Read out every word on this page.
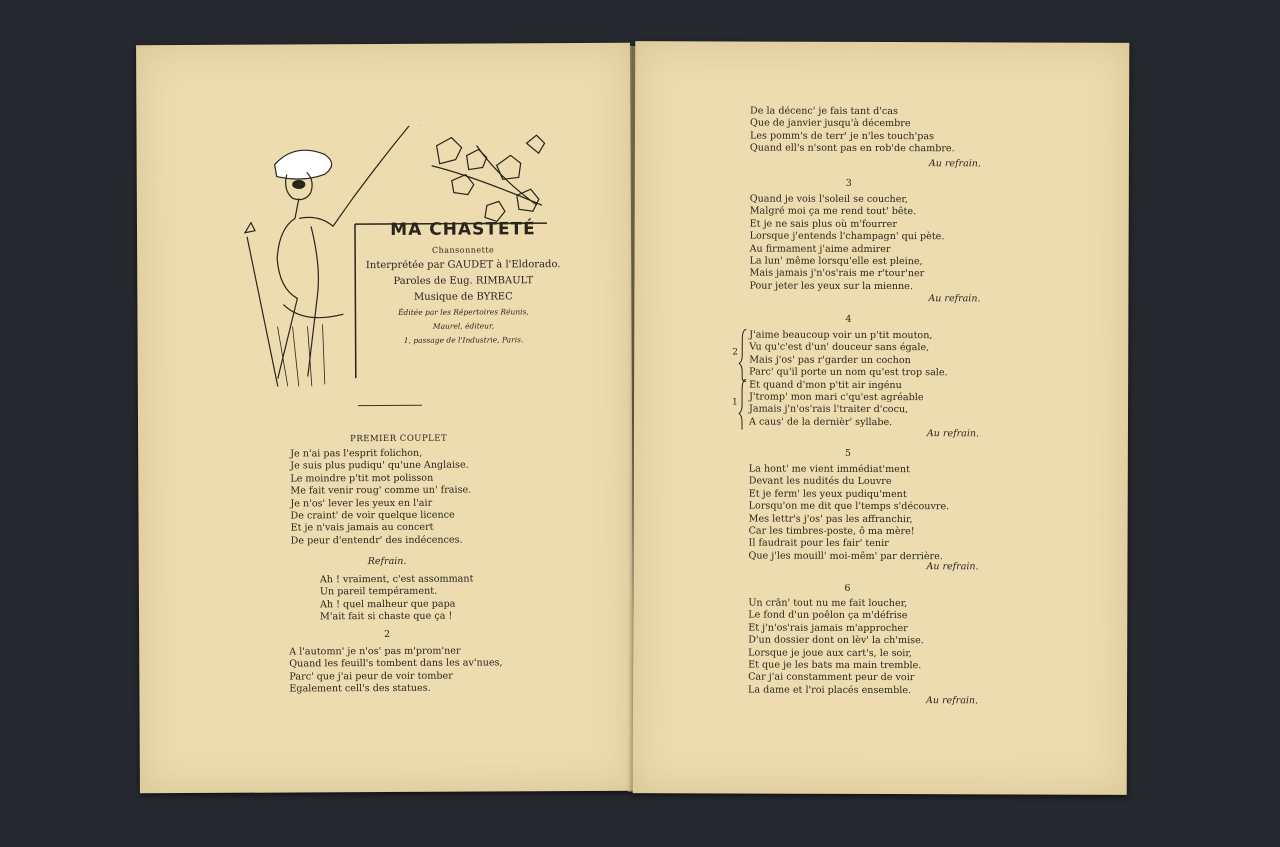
MA CHASTETÉ
Chansonnette
Interprétée par GAUDET à l'Eldorado.
Paroles de Eug. RIMBAULT
Musique de BYREC
Éditée par les Répertoires Réunis,
Maurel, éditeur,
1, passage de l'Industrie, Paris.
PREMIER COUPLET
Je n'ai pas l'esprit folichon,
Je suis plus pudiqu' qu'une Anglaise.
Le moindre p'tit mot polisson
Me fait venir roug' comme un' fraise.
Je n'os' lever les yeux en l'air
De craint' de voir quelque licence
Et je n'vais jamais au concert
De peur d'entendr' des indécences.
Refrain.
Ah ! vraiment, c'est assommant
Un pareil tempérament.
Ah ! quel malheur que papa
M'ait fait si chaste que ça !
2
A l'automn' je n'os' pas m'prom'ner
Quand les feuill's tombent dans les av'nues,
Parc' que j'ai peur de voir tomber
Egalement cell's des statues.
De la décenc' je fais tant d'cas
Que de janvier jusqu'à décembre
Les pomm's de terr' je n'les touch'pas
Quand ell's n'sont pas en rob'de chambre.
Au refrain.
3
Quand je vois l'soleil se coucher,
Malgré moi ça me rend tout' bête.
Et je ne sais plus où m'fourrer
Lorsque j'entends l'champagn' qui pète.
Au firmament j'aime admirer
La lun' même lorsqu'elle est pleine,
Mais jamais j'n'os'rais me r'tour'ner
Pour jeter les yeux sur la mienne.
Au refrain.
4
2
1
J'aime beaucoup voir un p'tit mouton,
Vu qu'c'est d'un' douceur sans égale,
Mais j'os' pas r'garder un cochon
Parc' qu'il porte un nom qu'est trop sale.
Et quand d'mon p'tit air ingénu
J'tromp' mon mari c'qu'est agréable
Jamais j'n'os'rais l'traiter d'cocu,
A caus' de la dernièr' syllabe.
Au refrain.
5
La hont' me vient immédiat'ment
Devant les nudités du Louvre
Et je ferm' les yeux pudiqu'ment
Lorsqu'on me dit que l'temps s'découvre.
Mes lettr's j'os' pas les affranchir,
Car les timbres-poste, ô ma mère!
Il faudrait pour les fair' tenir
Que j'les mouill' moi-mêm' par derrière.
Au refrain.
6
Un crân' tout nu me fait loucher,
Le fond d'un poêlon ça m'défrise
Et j'n'os'rais jamais m'approcher
D'un dossier dont on lèv' la ch'mise.
Lorsque je joue aux cart's, le soir,
Et que je les bats ma main tremble.
Car j'ai constamment peur de voir
La dame et l'roi placés ensemble.
Au refrain.
